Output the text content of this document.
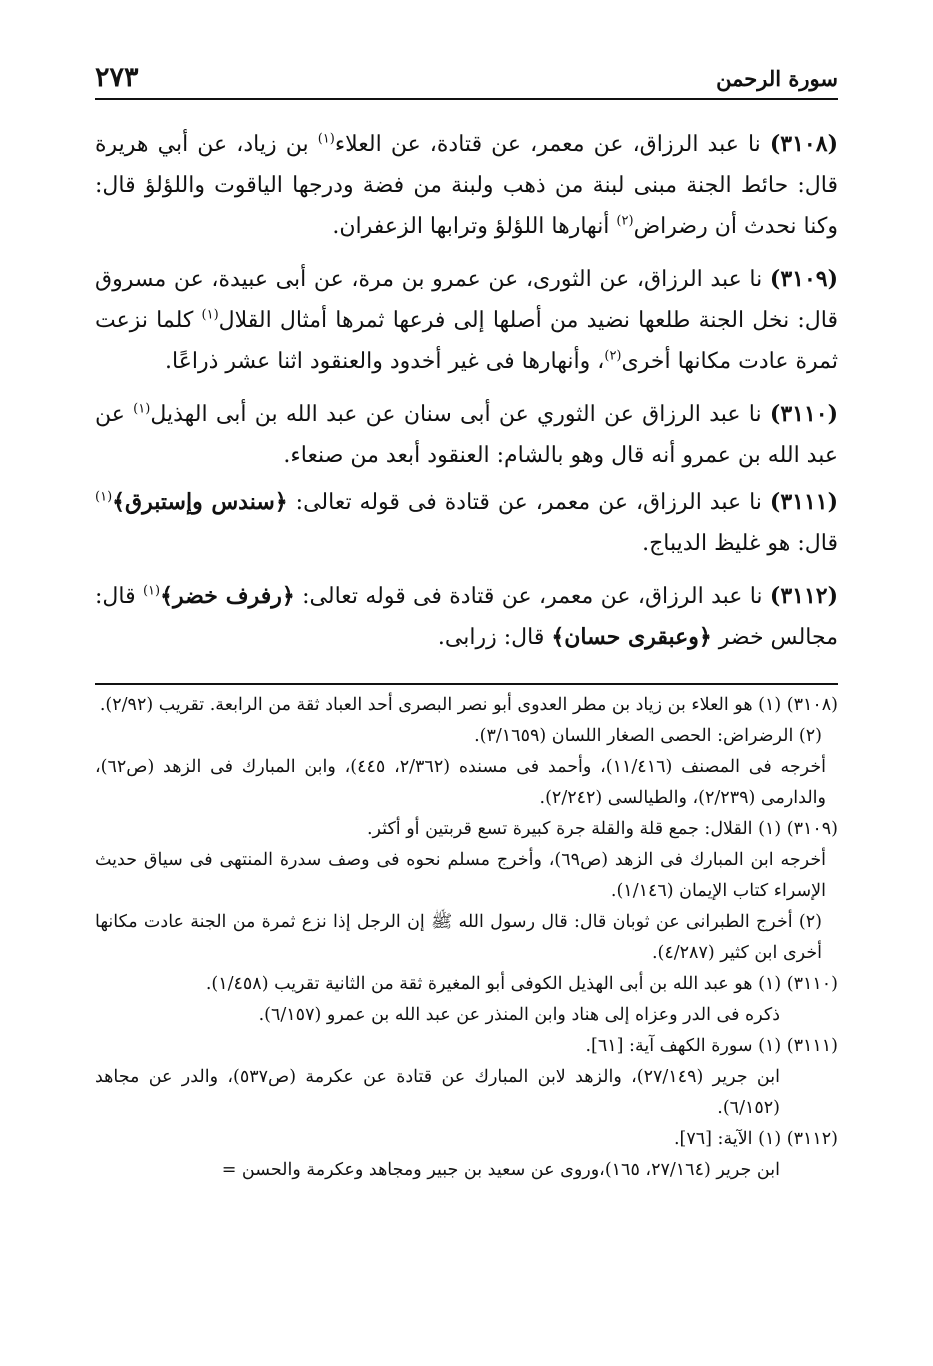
سورة الرحمن
٢٧٣

(٣١٠٨) نا عبد الرزاق، عن معمر، عن قتادة، عن العلاء$^{(١)}$ بن زياد، عن أبي هريرة قال: حائط الجنة مبنى لبنة من ذهب ولبنة من فضة ودرجها الياقوت واللؤلؤ قال: وكنا نحدث أن رضراض$^{(٢)}$ أنهارها اللؤلؤ وترابها الزعفران.

(٣١٠٩) نا عبد الرزاق، عن الثورى، عن عمرو بن مرة، عن أبى عبيدة، عن مسروق قال: نخل الجنة طلعها نضيد من أصلها إلى فرعها ثمرها أمثال القلال$^{(١)}$ كلما نزعت ثمرة عادت مكانها أخرى$^{(٢)}$، وأنهارها فى غير أخدود والعنقود اثنا عشر ذراعًا.

(٣١١٠) نا عبد الرزاق عن الثوري عن أبى سنان عن عبد الله بن أبى الهذيل$^{(١)}$ عن عبد الله بن عمرو أنه قال وهو بالشام: العنقود أبعد من صنعاء.

(٣١١١) نا عبد الرزاق، عن معمر، عن قتادة فى قوله تعالى: ﴿سندس وإستبرق﴾$^{(١)}$ قال: هو غليظ الديباج.

(٣١١٢) نا عبد الرزاق، عن معمر، عن قتادة فى قوله تعالى: ﴿رفرف خضر﴾$^{(١)}$ قال: مجالس خضر ﴿وعبقرى حسان﴾ قال: زرابى.

(٣١٠٨) (١) هو العلاء بن زياد بن مطر العدوى أبو نصر البصرى أحد العباد ثقة من الرابعة. تقريب (٢/٩٢).

(٢) الرضراض: الحصى الصغار اللسان (٣/١٦٥٩).

أخرجه فى المصنف (١١/٤١٦)، وأحمد فى مسنده (٢/٣٦٢، ٤٤٥)، وابن المبارك فى الزهد (ص٦٢)، والدارمى (٢/٢٣٩)، والطيالسى (٢/٢٤٢).

(٣١٠٩) (١) القلال: جمع قلة والقلة جرة كبيرة تسع قربتين أو أكثر.

أخرجه ابن المبارك فى الزهد (ص٦٩)، وأخرج مسلم نحوه فى وصف سدرة المنتهى فى سياق حديث الإسراء كتاب الإيمان (١/١٤٦).

(٢) أخرج الطبرانى عن ثوبان قال: قال رسول الله ﷺ إن الرجل إذا نزع ثمرة من الجنة عادت مكانها أخرى ابن كثير (٤/٢٨٧).

(٣١١٠) (١) هو عبد الله بن أبى الهذيل الكوفى أبو المغيرة ثقة من الثانية تقريب (١/٤٥٨).

ذكره فى الدر وعزاه إلى هناد وابن المنذر عن عبد الله بن عمرو (٦/١٥٧).

(٣١١١) (١) سورة الكهف آية: [٦١].

ابن جرير (٢٧/١٤٩)، والزهد لابن المبارك عن قتادة عن عكرمة (ص٥٣٧)، والدر عن مجاهد (٦/١٥٢).

(٣١١٢) (١) الآية: [٧٦].

ابن جرير (٢٧/١٦٤، ١٦٥)،وروى عن سعيد بن جبير ومجاهد وعكرمة والحسن =
